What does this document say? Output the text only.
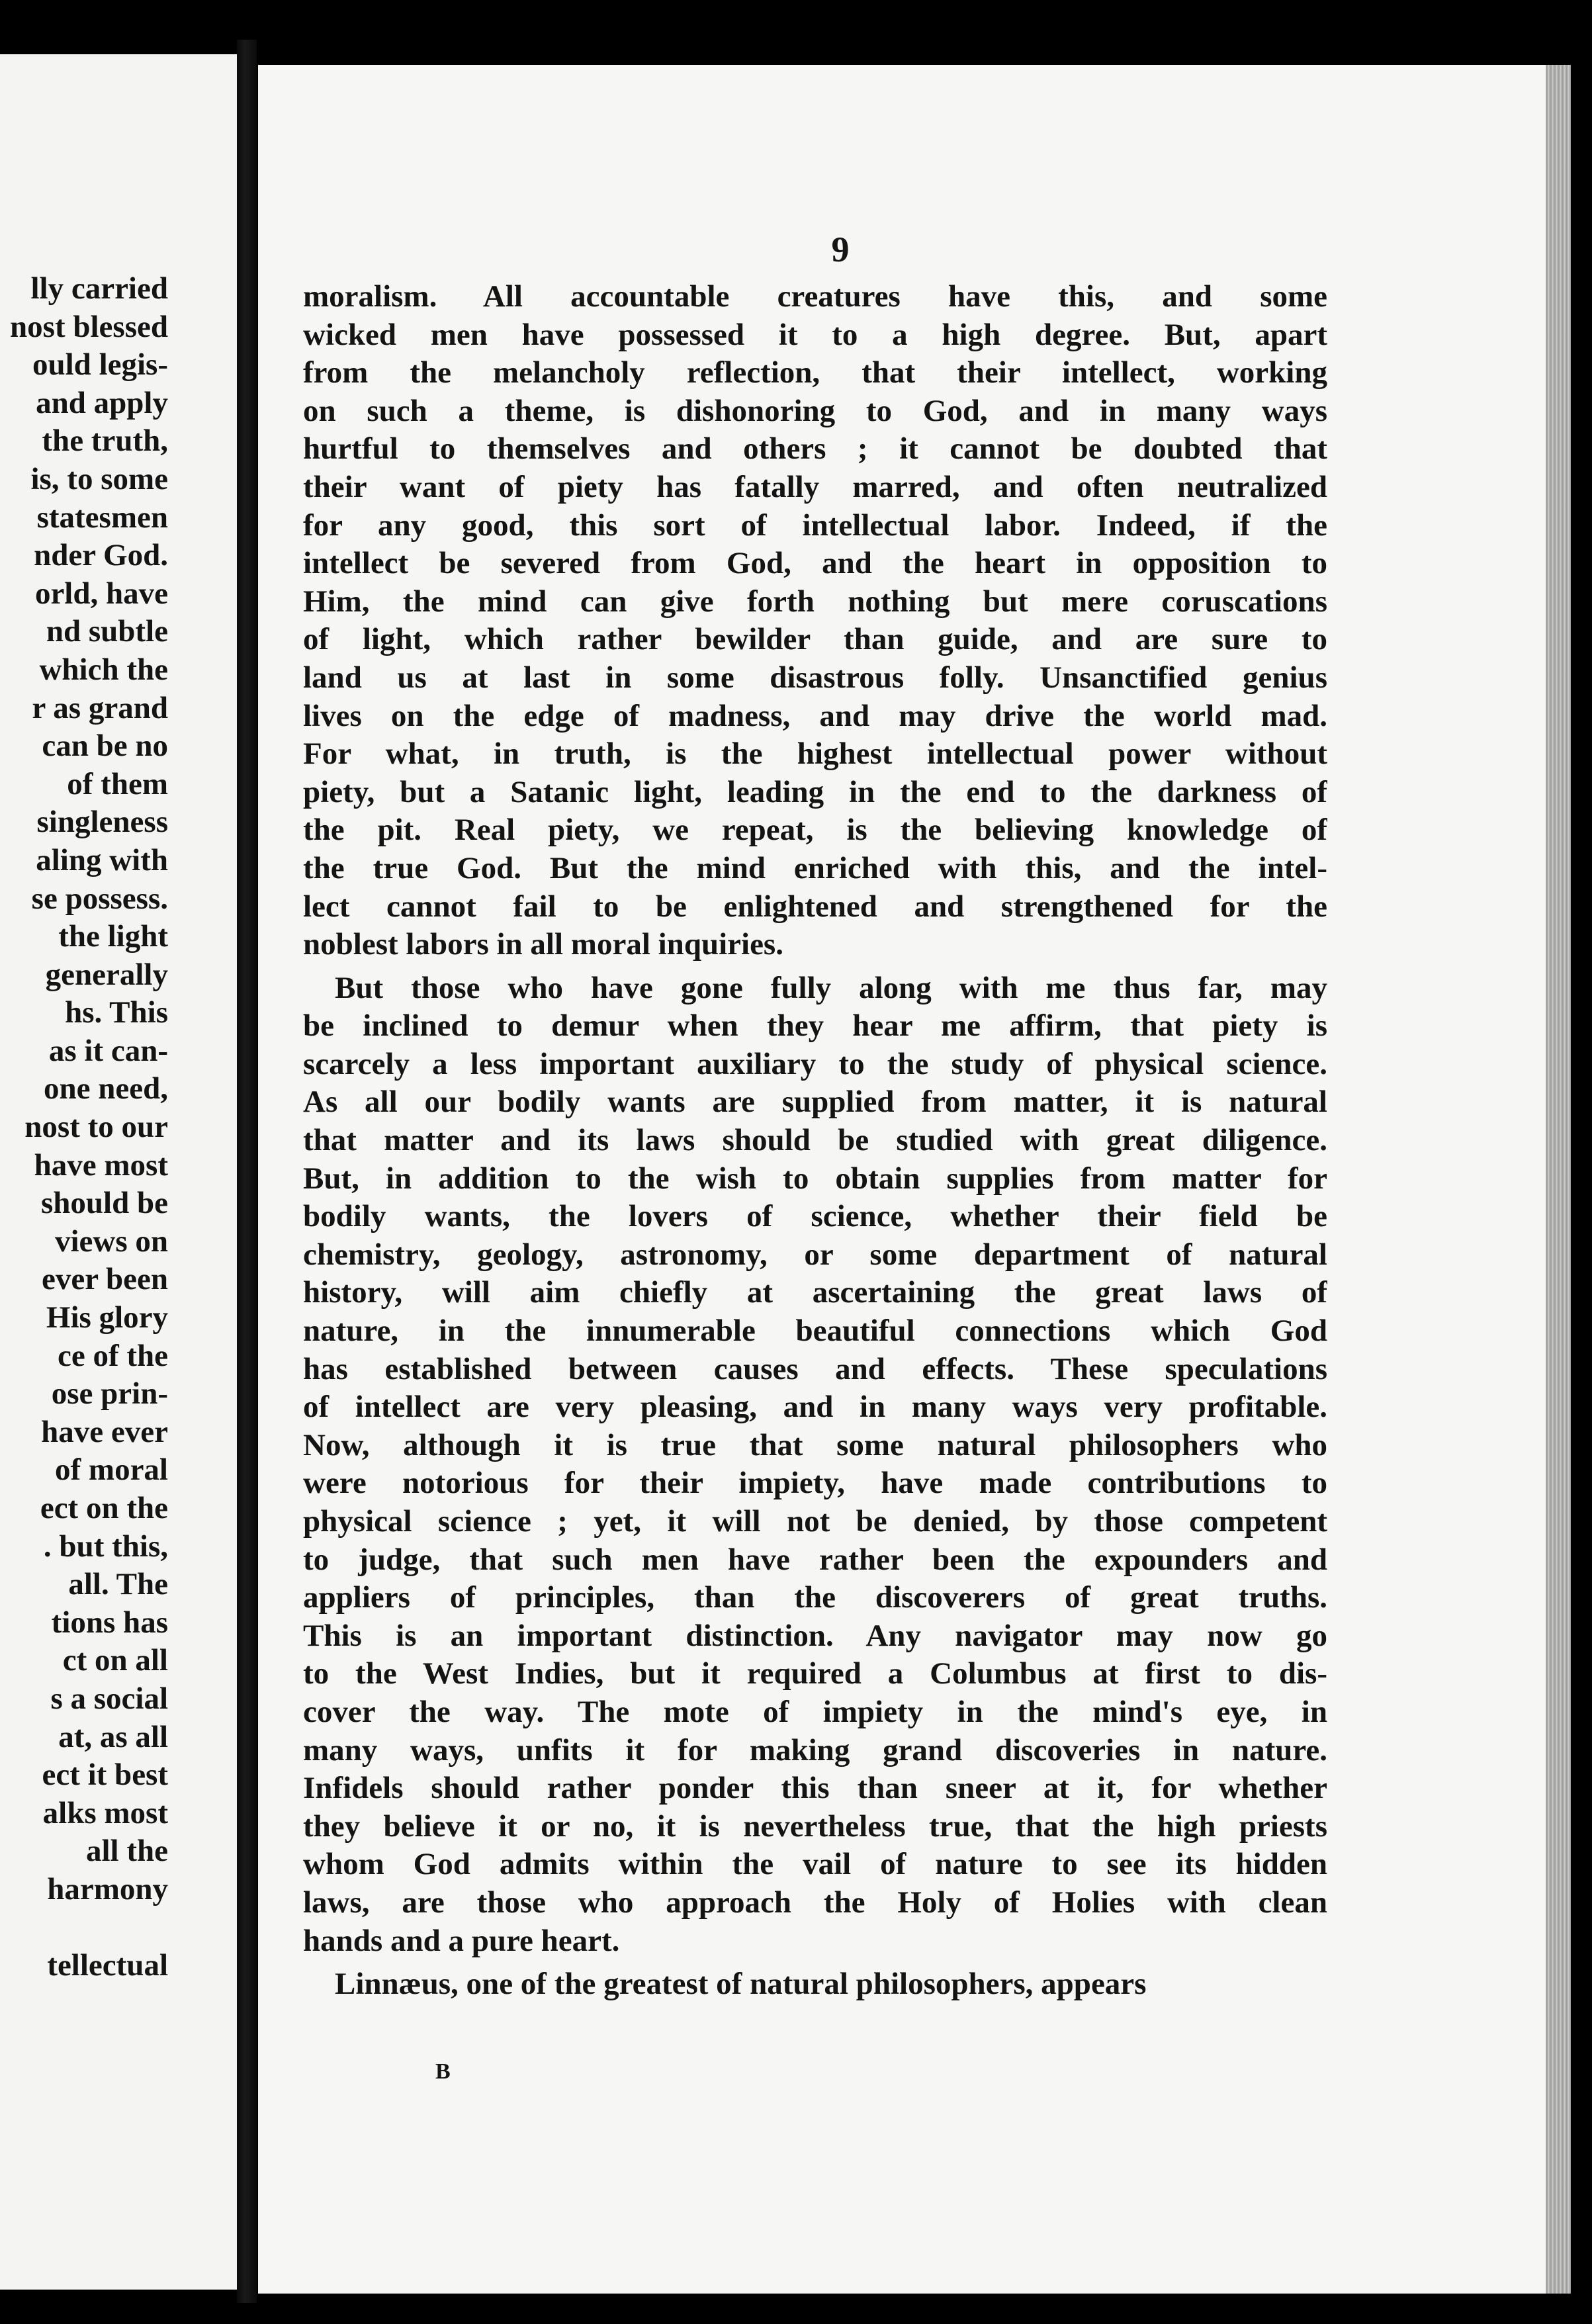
lly carried
nost blessed
ould legis-
and apply
the truth,
is, to some
statesmen
nder God.
orld, have
nd subtle
which the
r as grand
can be no
of them
singleness
aling with
se possess.
the light
generally
hs. This
as it can-
one need,
nost to our
have most
should be
views on
ever been
His glory
ce of the
ose prin-
have ever
of moral
ect on the
. but this,
all. The
tions has
ct on all
s a social
at, as all
ect it best
alks most
all the
harmony

tellectual
9
moralism. All accountable creatures have this, and some
wicked men have possessed it to a high degree. But, apart
from the melancholy reflection, that their intellect, working
on such a theme, is dishonoring to God, and in many ways
hurtful to themselves and others ; it cannot be doubted that
their want of piety has fatally marred, and often neutralized
for any good, this sort of intellectual labor. Indeed, if the
intellect be severed from God, and the heart in opposition to
Him, the mind can give forth nothing but mere coruscations
of light, which rather bewilder than guide, and are sure to
land us at last in some disastrous folly. Unsanctified genius
lives on the edge of madness, and may drive the world mad.
For what, in truth, is the highest intellectual power without
piety, but a Satanic light, leading in the end to the darkness of
the pit. Real piety, we repeat, is the believing knowledge of
the true God. But the mind enriched with this, and the intel-
lect cannot fail to be enlightened and strengthened for the
noblest labors in all moral inquiries.
But those who have gone fully along with me thus far, may
be inclined to demur when they hear me affirm, that piety is
scarcely a less important auxiliary to the study of physical science.
As all our bodily wants are supplied from matter, it is natural
that matter and its laws should be studied with great diligence.
But, in addition to the wish to obtain supplies from matter for
bodily wants, the lovers of science, whether their field be
chemistry, geology, astronomy, or some department of natural
history, will aim chiefly at ascertaining the great laws of
nature, in the innumerable beautiful connections which God
has established between causes and effects. These speculations
of intellect are very pleasing, and in many ways very profitable.
Now, although it is true that some natural philosophers who
were notorious for their impiety, have made contributions to
physical science ; yet, it will not be denied, by those competent
to judge, that such men have rather been the expounders and
appliers of principles, than the discoverers of great truths.
This is an important distinction. Any navigator may now go
to the West Indies, but it required a Columbus at first to dis-
cover the way. The mote of impiety in the mind's eye, in
many ways, unfits it for making grand discoveries in nature.
Infidels should rather ponder this than sneer at it, for whether
they believe it or no, it is nevertheless true, that the high priests
whom God admits within the vail of nature to see its hidden
laws, are those who approach the Holy of Holies with clean
hands and a pure heart.
Linnæus, one of the greatest of natural philosophers, appears
B
